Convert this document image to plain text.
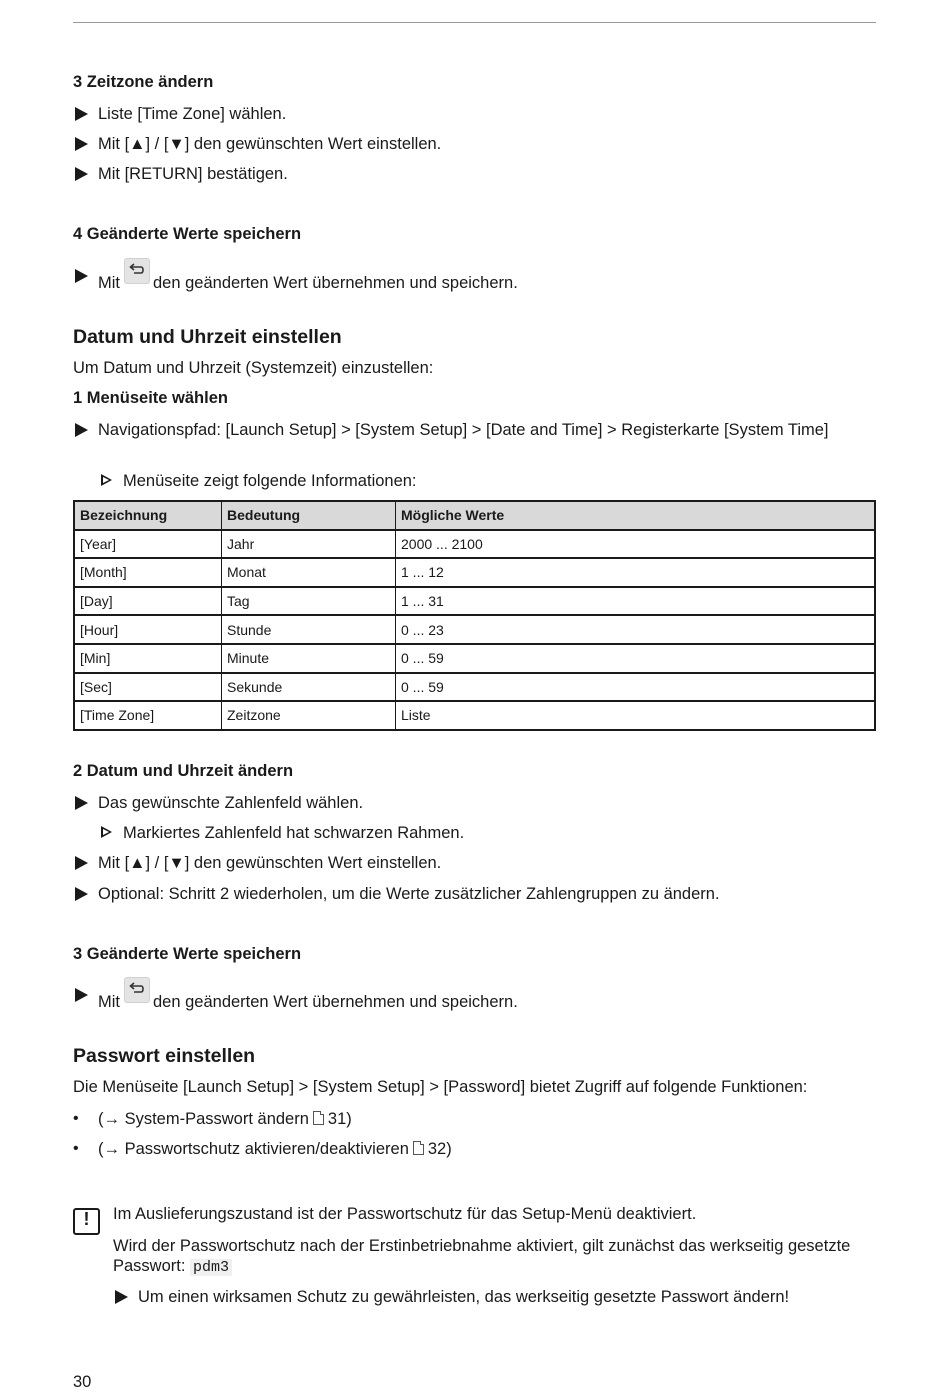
3 Zeitzone ändern
Liste [Time Zone] wählen.
Mit [▲] / [▼] den gewünschten Wert einstellen.
Mit [RETURN] bestätigen.
4 Geänderte Werte speichern
Mit den geänderten Wert übernehmen und speichern.
Datum und Uhrzeit einstellen
Um Datum und Uhrzeit (Systemzeit) einzustellen:
1 Menüseite wählen
Navigationspfad: [Launch Setup] > [System Setup] > [Date and Time] > Registerkarte [System Time]
Menüseite zeigt folgende Informationen:
Bezeichnung	Bedeutung	Mögliche Werte
[Year]	Jahr	2000 ... 2100
[Month]	Monat	1 ... 12
[Day]	Tag	1 ... 31
[Hour]	Stunde	0 ... 23
[Min]	Minute	0 ... 59
[Sec]	Sekunde	0 ... 59
[Time Zone]	Zeitzone	Liste
2 Datum und Uhrzeit ändern
Das gewünschte Zahlenfeld wählen.
Markiertes Zahlenfeld hat schwarzen Rahmen.
Mit [▲] / [▼] den gewünschten Wert einstellen.
Optional: Schritt 2 wiederholen, um die Werte zusätzlicher Zahlengruppen zu ändern.
3 Geänderte Werte speichern
Mit den geänderten Wert übernehmen und speichern.
Passwort einstellen
Die Menüseite [Launch Setup] > [System Setup] > [Password] bietet Zugriff auf folgende Funktionen:
• (→ System-Passwort ändern 31)
• (→ Passwortschutz aktivieren/deaktivieren 32)
!	Im Auslieferungszustand ist der Passwortschutz für das Setup-Menü deaktiviert.
Wird der Passwortschutz nach der Erstinbetriebnahme aktiviert, gilt zunächst das werkseitig gesetzte Passwort: pdm3
Um einen wirksamen Schutz zu gewährleisten, das werkseitig gesetzte Passwort ändern!
30
